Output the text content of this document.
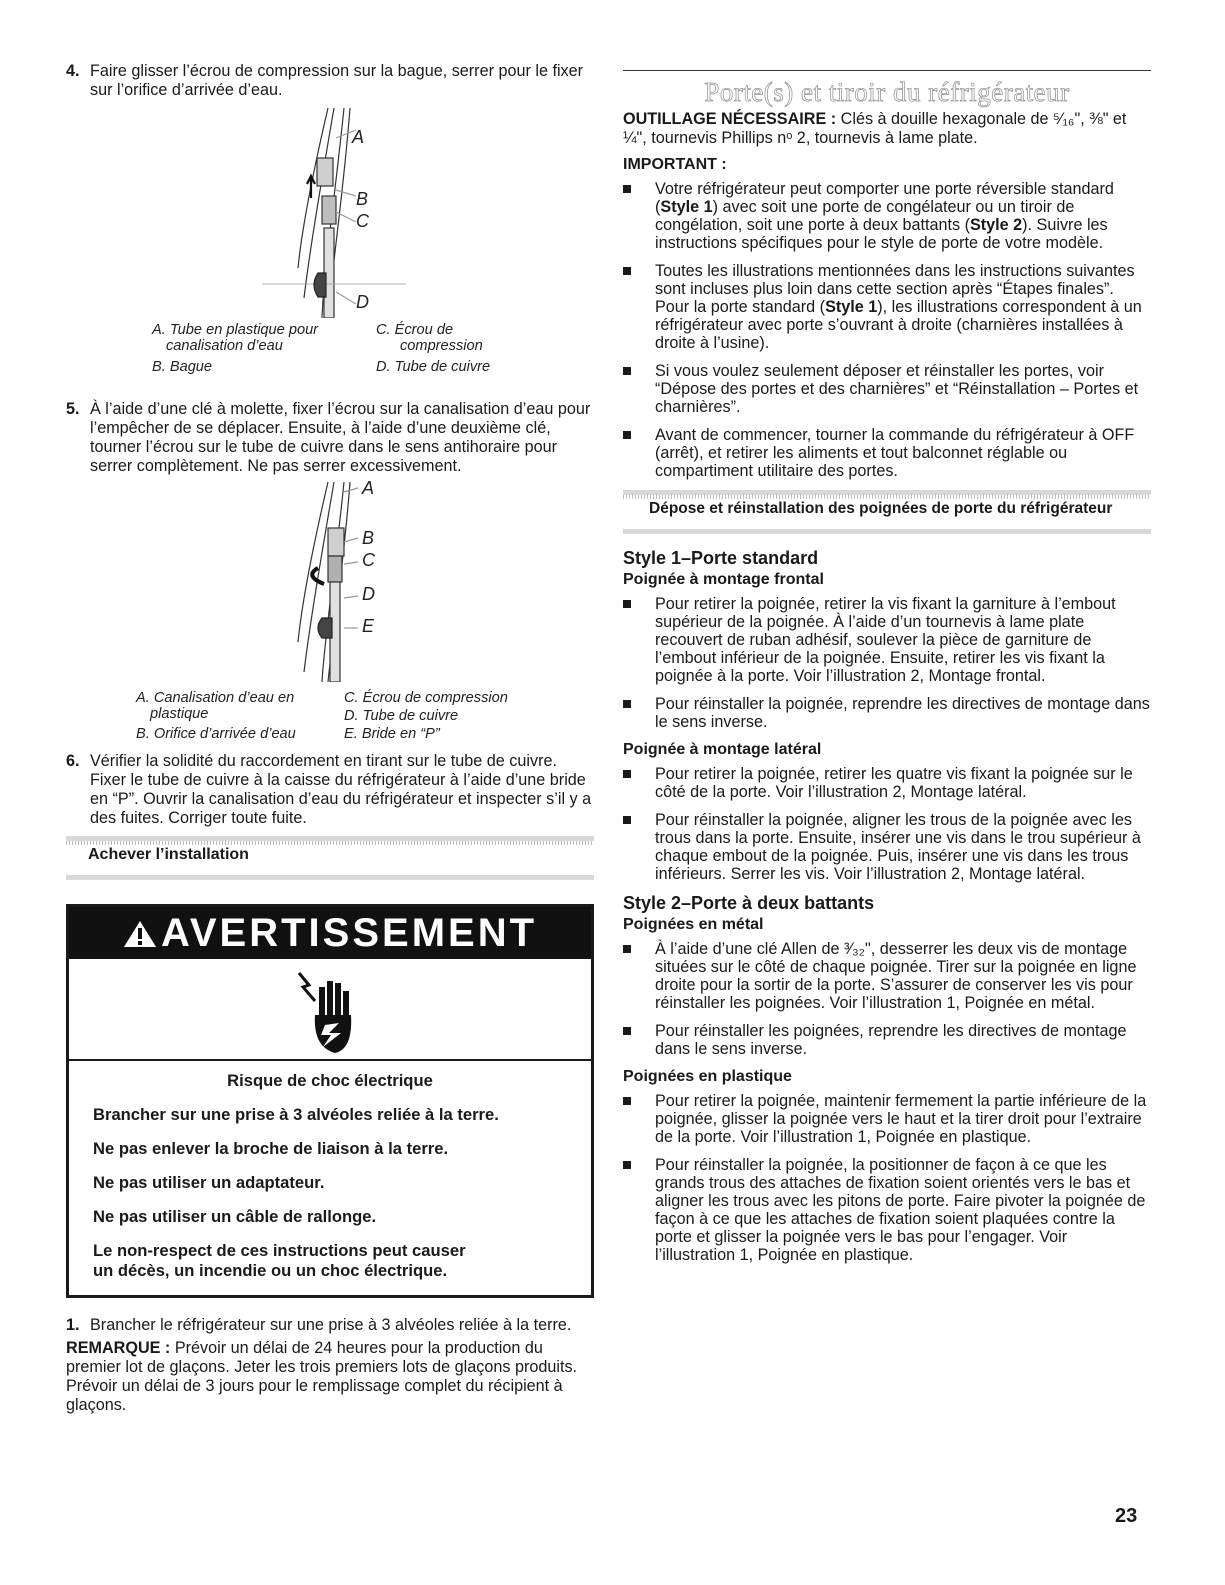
4. Faire glisser l’écrou de compression sur la bague, serrer pour le fixer sur l’orifice d’arrivée d’eau.
A
B
C
D
A. Tube en plastique pour
canalisation d’eau
B. Bague
C. Écrou de
compression
D. Tube de cuivre
5. À l’aide d’une clé à molette, fixer l’écrou sur la canalisation d’eau pour l’empêcher de se déplacer. Ensuite, à l’aide d’une deuxième clé, tourner l’écrou sur le tube de cuivre dans le sens antihoraire pour serrer complètement. Ne pas serrer excessivement.
A
B
C
D
E
A. Canalisation d’eau en
plastique
B. Orifice d’arrivée d’eau
C. Écrou de compression
D. Tube de cuivre
E. Bride en “P”
6. Vérifier la solidité du raccordement en tirant sur le tube de cuivre. Fixer le tube de cuivre à la caisse du réfrigérateur à l’aide d’une bride en “P”. Ouvrir la canalisation d’eau du réfrigérateur et inspecter s’il y a des fuites. Corriger toute fuite.
Achever l’installation
AVERTISSEMENT
Risque de choc électrique
Brancher sur une prise à 3 alvéoles reliée à la terre.
Ne pas enlever la broche de liaison à la terre.
Ne pas utiliser un adaptateur.
Ne pas utiliser un câble de rallonge.
Le non-respect de ces instructions peut causer
un décès, un incendie ou un choc électrique.
1. Brancher le réfrigérateur sur une prise à 3 alvéoles reliée à la terre.

REMARQUE : Prévoir un délai de 24 heures pour la production du premier lot de glaçons. Jeter les trois premiers lots de glaçons produits. Prévoir un délai de 3 jours pour le remplissage complet du récipient à glaçons.

Porte(s) et tiroir du réfrigérateur

OUTILLAGE NÉCESSAIRE : Clés à douille hexagonale de ⁵⁄₁₆", ⅜" et ¼", tournevis Phillips nᵒ 2, tournevis à lame plate.

IMPORTANT :
Votre réfrigérateur peut comporter une porte réversible standard (Style 1) avec soit une porte de congélateur ou un tiroir de congélation, soit une porte à deux battants (Style 2). Suivre les instructions spécifiques pour le style de porte de votre modèle.
Toutes les illustrations mentionnées dans les instructions suivantes sont incluses plus loin dans cette section après “Étapes finales”. Pour la porte standard (Style 1), les illustrations correspondent à un réfrigérateur avec porte s’ouvrant à droite (charnières installées à droite à l’usine).
Si vous voulez seulement déposer et réinstaller les portes, voir “Dépose des portes et des charnières” et “Réinstallation – Portes et charnières”.
Avant de commencer, tourner la commande du réfrigérateur à OFF (arrêt), et retirer les aliments et tout balconnet réglable ou compartiment utilitaire des portes.
Dépose et réinstallation des poignées de porte du réfrigérateur
Style 1–Porte standard
Poignée à montage frontal
Pour retirer la poignée, retirer la vis fixant la garniture à l’embout supérieur de la poignée. À l’aide d’un tournevis à lame plate recouvert de ruban adhésif, soulever la pièce de garniture de l’embout inférieur de la poignée. Ensuite, retirer les vis fixant la poignée à la porte. Voir l’illustration 2, Montage frontal.
Pour réinstaller la poignée, reprendre les directives de montage dans le sens inverse.
Poignée à montage latéral
Pour retirer la poignée, retirer les quatre vis fixant la poignée sur le côté de la porte. Voir l’illustration 2, Montage latéral.
Pour réinstaller la poignée, aligner les trous de la poignée avec les trous dans la porte. Ensuite, insérer une vis dans le trou supérieur à chaque embout de la poignée. Puis, insérer une vis dans les trous inférieurs. Serrer les vis. Voir l’illustration 2, Montage latéral.
Style 2–Porte à deux battants
Poignées en métal
À l’aide d’une clé Allen de ³⁄₃₂", desserrer les deux vis de montage situées sur le côté de chaque poignée. Tirer sur la poignée en ligne droite pour la sortir de la porte. S’assurer de conserver les vis pour réinstaller les poignées. Voir l’illustration 1, Poignée en métal.
Pour réinstaller les poignées, reprendre les directives de montage dans le sens inverse.
Poignées en plastique
Pour retirer la poignée, maintenir fermement la partie inférieure de la poignée, glisser la poignée vers le haut et la tirer droit pour l’extraire de la porte. Voir l’illustration 1, Poignée en plastique.
Pour réinstaller la poignée, la positionner de façon à ce que les grands trous des attaches de fixation soient orientés vers le bas et aligner les trous avec les pitons de porte. Faire pivoter la poignée de façon à ce que les attaches de fixation soient plaquées contre la porte et glisser la poignée vers le bas pour l’engager. Voir l’illustration 1, Poignée en plastique.
23
